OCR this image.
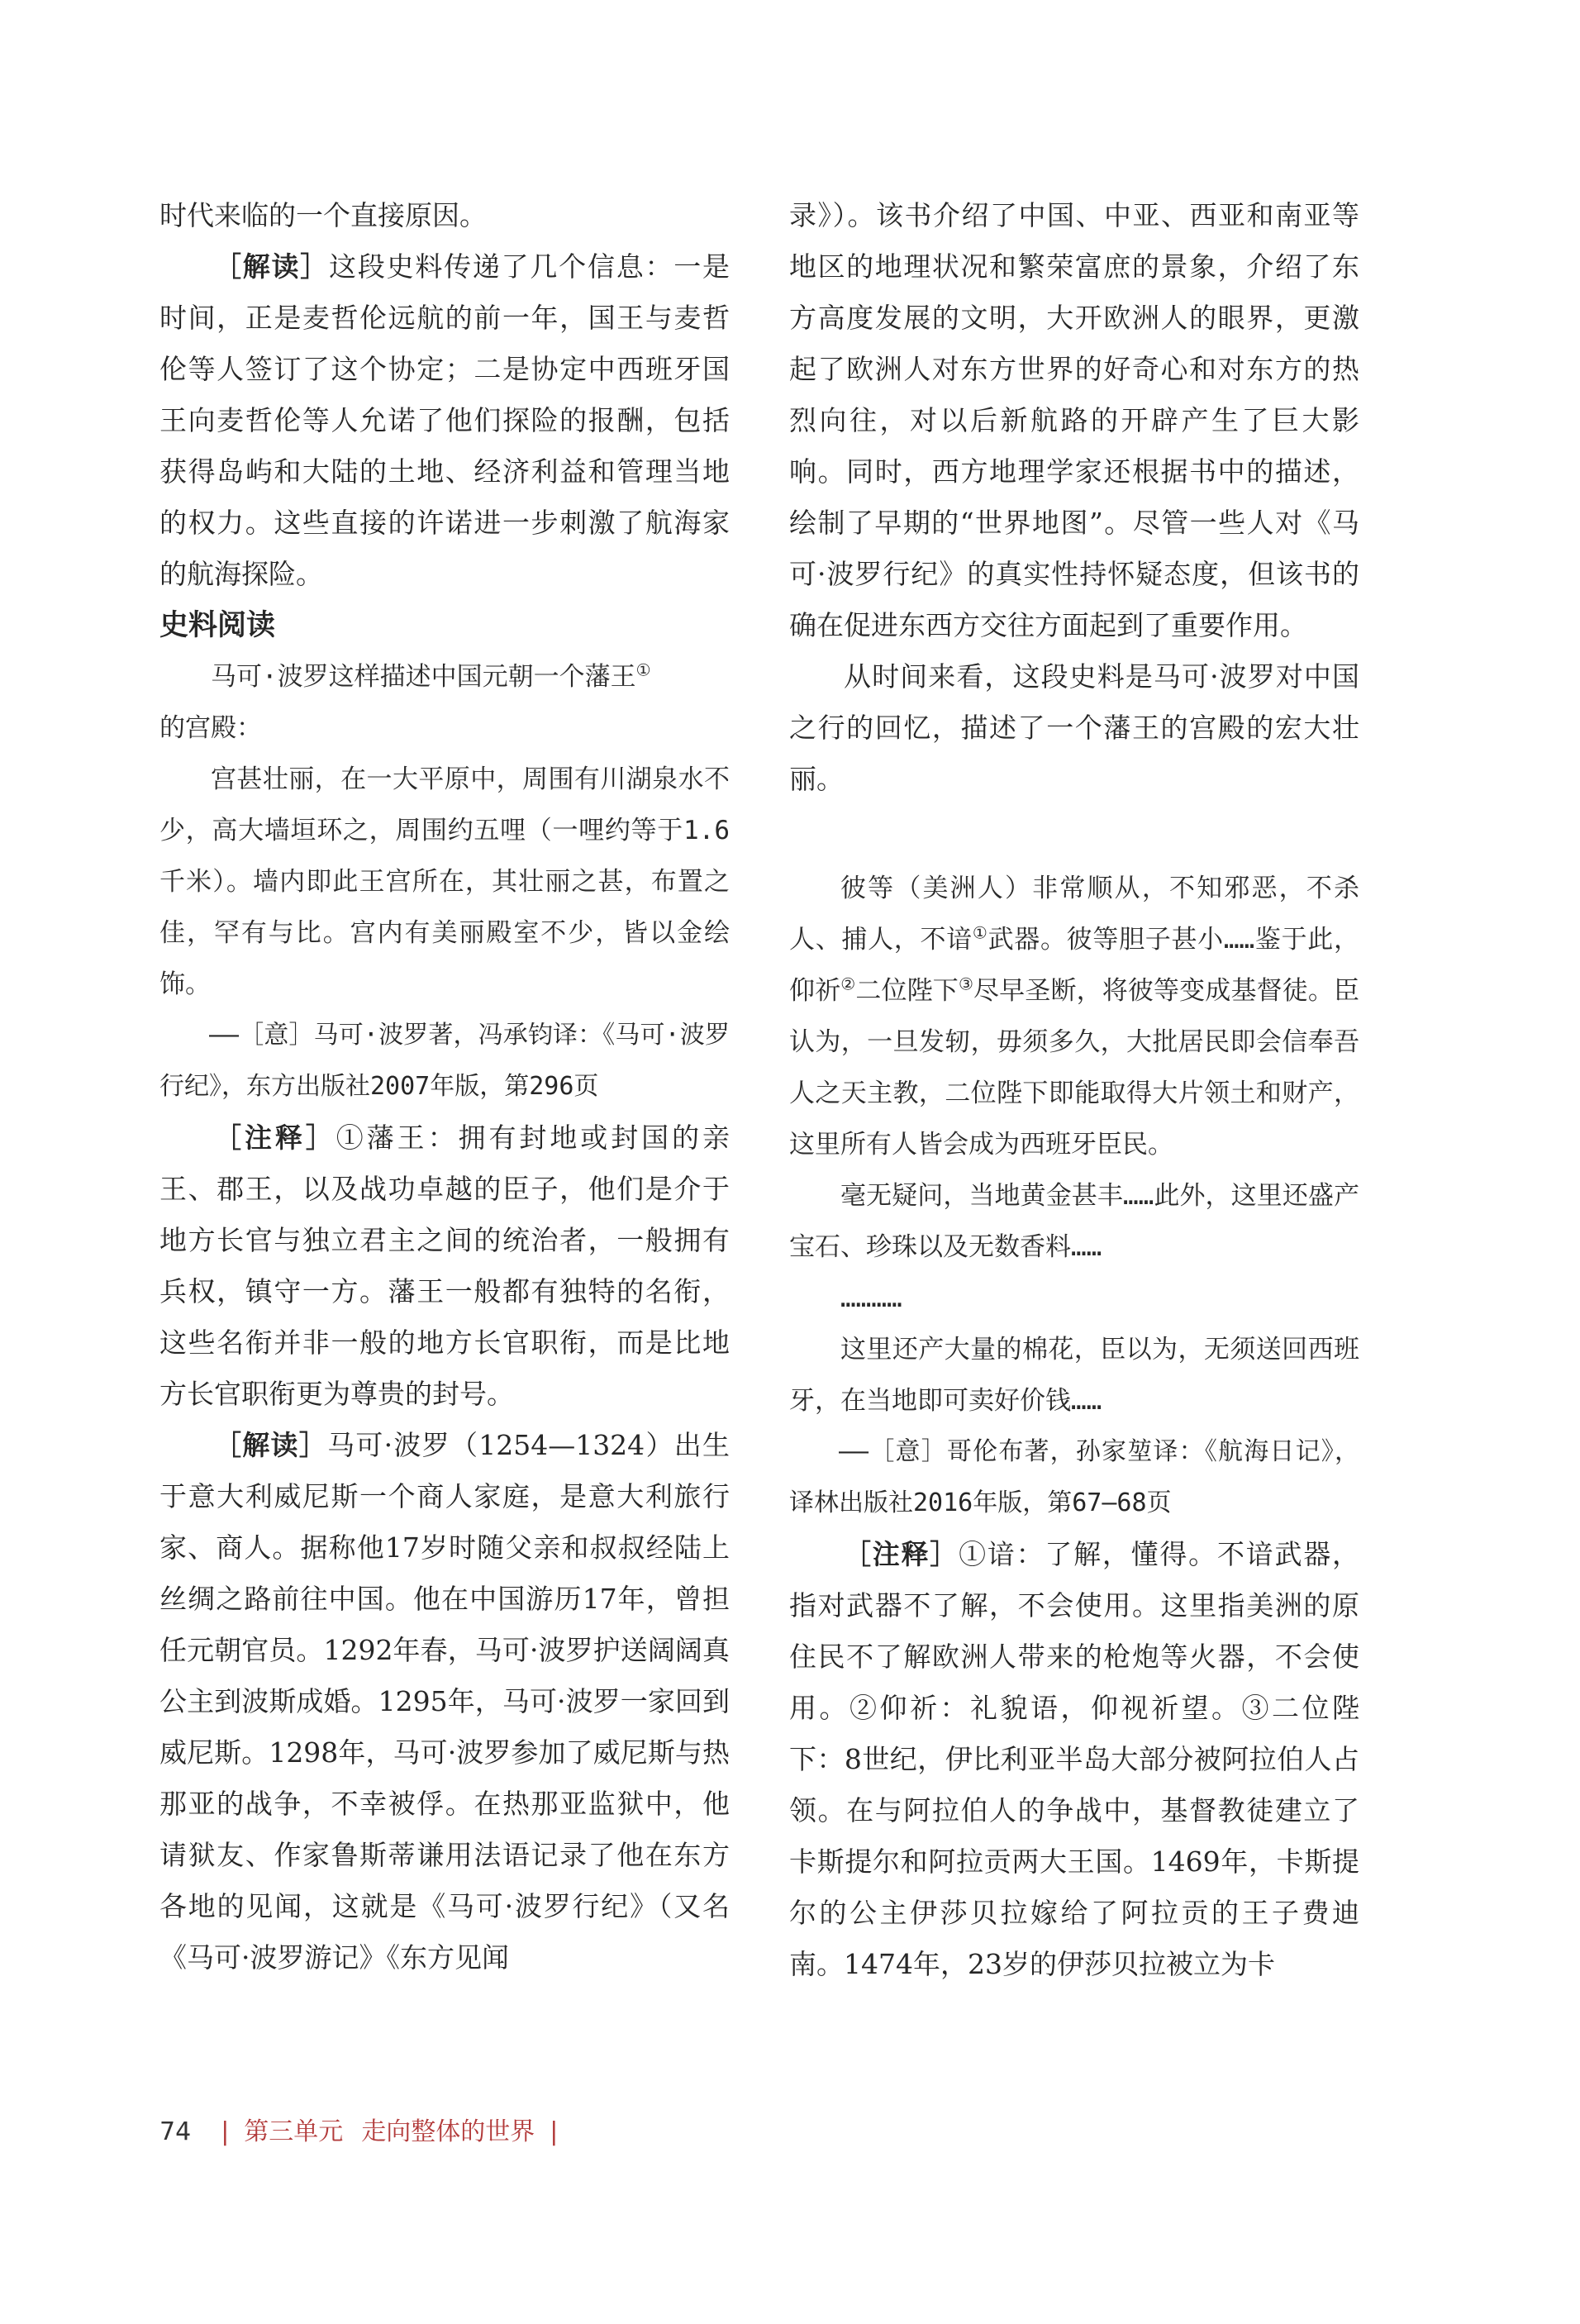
时代来临的一个直接原因。

［解读］这段史料传递了几个信息：一是时间，正是麦哲伦远航的前一年，国王与麦哲伦等人签订了这个协定；二是协定中西班牙国王向麦哲伦等人允诺了他们探险的报酬，包括获得岛屿和大陆的土地、经济利益和管理当地的权力。这些直接的许诺进一步刺激了航海家的航海探险。

史料阅读

马可·波罗这样描述中国元朝一个藩王①
的宫殿：

宫甚壮丽，在一大平原中，周围有川湖泉水不少，高大墙垣环之，周围约五哩（一哩约等于1.6千米）。墙内即此王宫所在，其壮丽之甚，布置之佳，罕有与比。宫内有美丽殿室不少，皆以金绘饰。

——［意］马可·波罗著，冯承钧译：《马可·波罗行纪》，东方出版社2007年版，第296页

［注释］①藩王：拥有封地或封国的亲王、郡王，以及战功卓越的臣子，他们是介于地方长官与独立君主之间的统治者，一般拥有兵权，镇守一方。藩王一般都有独特的名衔，这些名衔并非一般的地方长官职衔，而是比地方长官职衔更为尊贵的封号。

［解读］马可·波罗（1254—1324）出生于意大利威尼斯一个商人家庭，是意大利旅行家、商人。据称他17岁时随父亲和叔叔经陆上丝绸之路前往中国。他在中国游历17年，曾担任元朝官员。1292年春，马可·波罗护送阔阔真公主到波斯成婚。1295年，马可·波罗一家回到威尼斯。1298年，马可·波罗参加了威尼斯与热那亚的战争，不幸被俘。在热那亚监狱中，他请狱友、作家鲁斯蒂谦用法语记录了他在东方各地的见闻，这就是《马可·波罗行纪》（又名《马可·波罗游记》《东方见闻

录》）。该书介绍了中国、中亚、西亚和南亚等地区的地理状况和繁荣富庶的景象，介绍了东方高度发展的文明，大开欧洲人的眼界，更激起了欧洲人对东方世界的好奇心和对东方的热烈向往，对以后新航路的开辟产生了巨大影响。同时，西方地理学家还根据书中的描述，绘制了早期的“世界地图”。尽管一些人对《马可·波罗行纪》的真实性持怀疑态度，但该书的确在促进东西方交往方面起到了重要作用。

从时间来看，这段史料是马可·波罗对中国之行的回忆，描述了一个藩王的宫殿的宏大壮丽。

彼等（美洲人）非常顺从，不知邪恶，不杀人、捕人，不谙①武器。彼等胆子甚小……鉴于此，仰祈②二位陛下③尽早圣断，将彼等变成基督徒。臣认为，一旦发轫，毋须多久，大批居民即会信奉吾人之天主教，二位陛下即能取得大片领土和财产，这里所有人皆会成为西班牙臣民。

毫无疑问，当地黄金甚丰……此外，这里还盛产宝石、珍珠以及无数香料……

…………

这里还产大量的棉花，臣以为，无须送回西班牙，在当地即可卖好价钱……

——［意］哥伦布著，孙家堃译：《航海日记》，译林出版社2016年版，第67—68页

［注释］①谙：了解，懂得。不谙武器，指对武器不了解，不会使用。这里指美洲的原住民不了解欧洲人带来的枪炮等火器，不会使用。②仰祈：礼貌语，仰视祈望。③二位陛下：8世纪，伊比利亚半岛大部分被阿拉伯人占领。在与阿拉伯人的争战中，基督教徒建立了卡斯提尔和阿拉贡两大王国。1469年，卡斯提尔的公主伊莎贝拉嫁给了阿拉贡的王子费迪南。1474年，23岁的伊莎贝拉被立为卡

74 | 第三单元 走向整体的世界 |
